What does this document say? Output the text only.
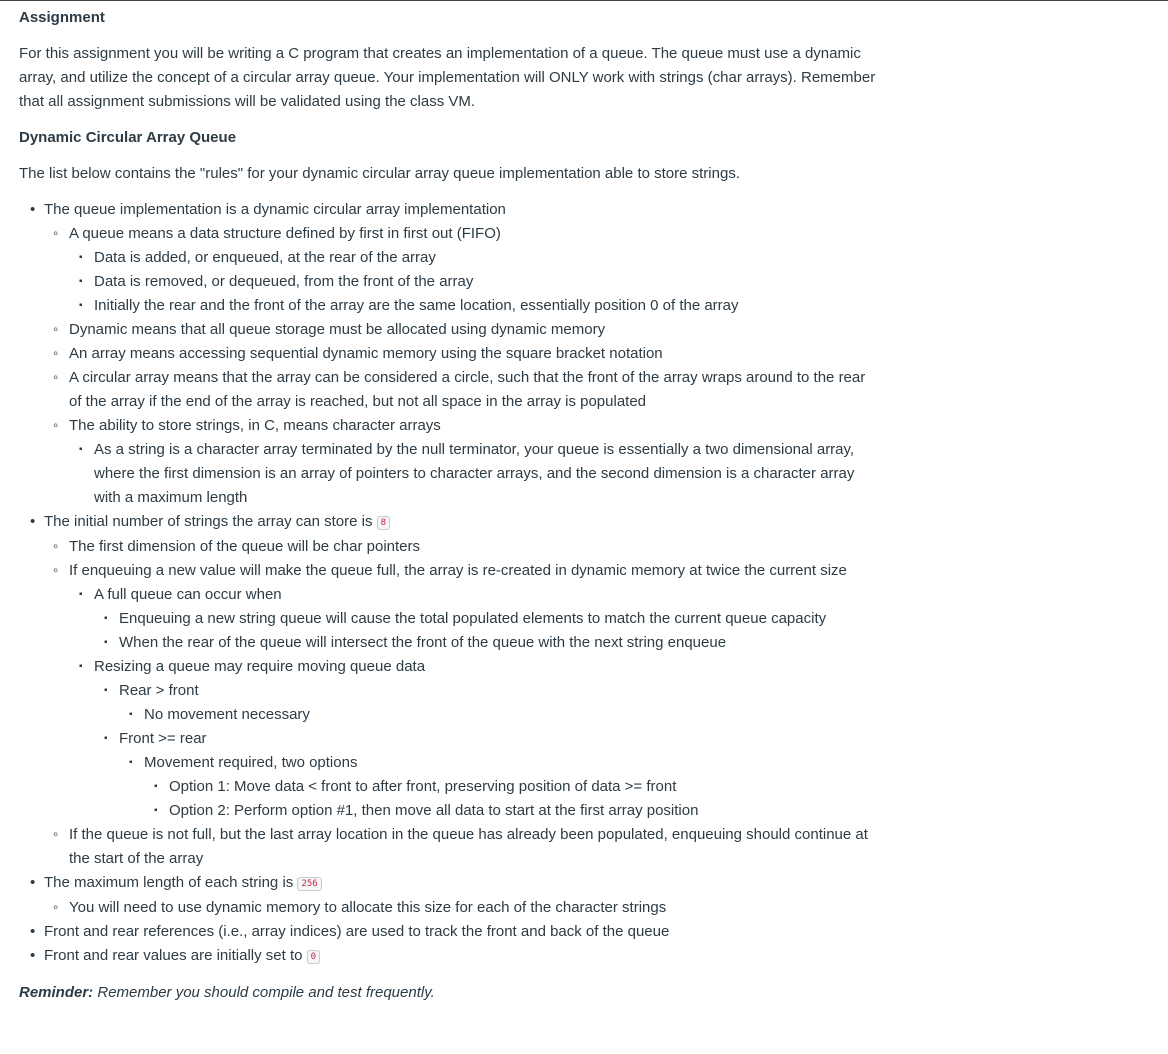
Assignment

For this assignment you will be writing a C program that creates an implementation of a queue. The queue must use a dynamic array, and utilize the concept of a circular array queue. Your implementation will ONLY work with strings (char arrays). Remember that all assignment submissions will be validated using the class VM.

Dynamic Circular Array Queue

The list below contains the "rules" for your dynamic circular array queue implementation able to store strings.

• The queue implementation is a dynamic circular array implementation
◦ A queue means a data structure defined by first in first out (FIFO)
▪ Data is added, or enqueued, at the rear of the array
▪ Data is removed, or dequeued, from the front of the array
▪ Initially the rear and the front of the array are the same location, essentially position 0 of the array
◦ Dynamic means that all queue storage must be allocated using dynamic memory
◦ An array means accessing sequential dynamic memory using the square bracket notation
◦ A circular array means that the array can be considered a circle, such that the front of the array wraps around to the rear of the array if the end of the array is reached, but not all space in the array is populated
◦ The ability to store strings, in C, means character arrays
▪ As a string is a character array terminated by the null terminator, your queue is essentially a two dimensional array, where the first dimension is an array of pointers to character arrays, and the second dimension is a character array with a maximum length
• The initial number of strings the array can store is 8
◦ The first dimension of the queue will be char pointers
◦ If enqueuing a new value will make the queue full, the array is re-created in dynamic memory at twice the current size
▪ A full queue can occur when
▪ Enqueuing a new string queue will cause the total populated elements to match the current queue capacity
▪ When the rear of the queue will intersect the front of the queue with the next string enqueue
▪ Resizing a queue may require moving queue data
▪ Rear > front
▪ No movement necessary
▪ Front >= rear
▪ Movement required, two options
▪ Option 1: Move data < front to after front, preserving position of data >= front
▪ Option 2: Perform option #1, then move all data to start at the first array position
◦ If the queue is not full, but the last array location in the queue has already been populated, enqueuing should continue at the start of the array
• The maximum length of each string is 256
◦ You will need to use dynamic memory to allocate this size for each of the character strings
• Front and rear references (i.e., array indices) are used to track the front and back of the queue
• Front and rear values are initially set to 0

Reminder: Remember you should compile and test frequently.
